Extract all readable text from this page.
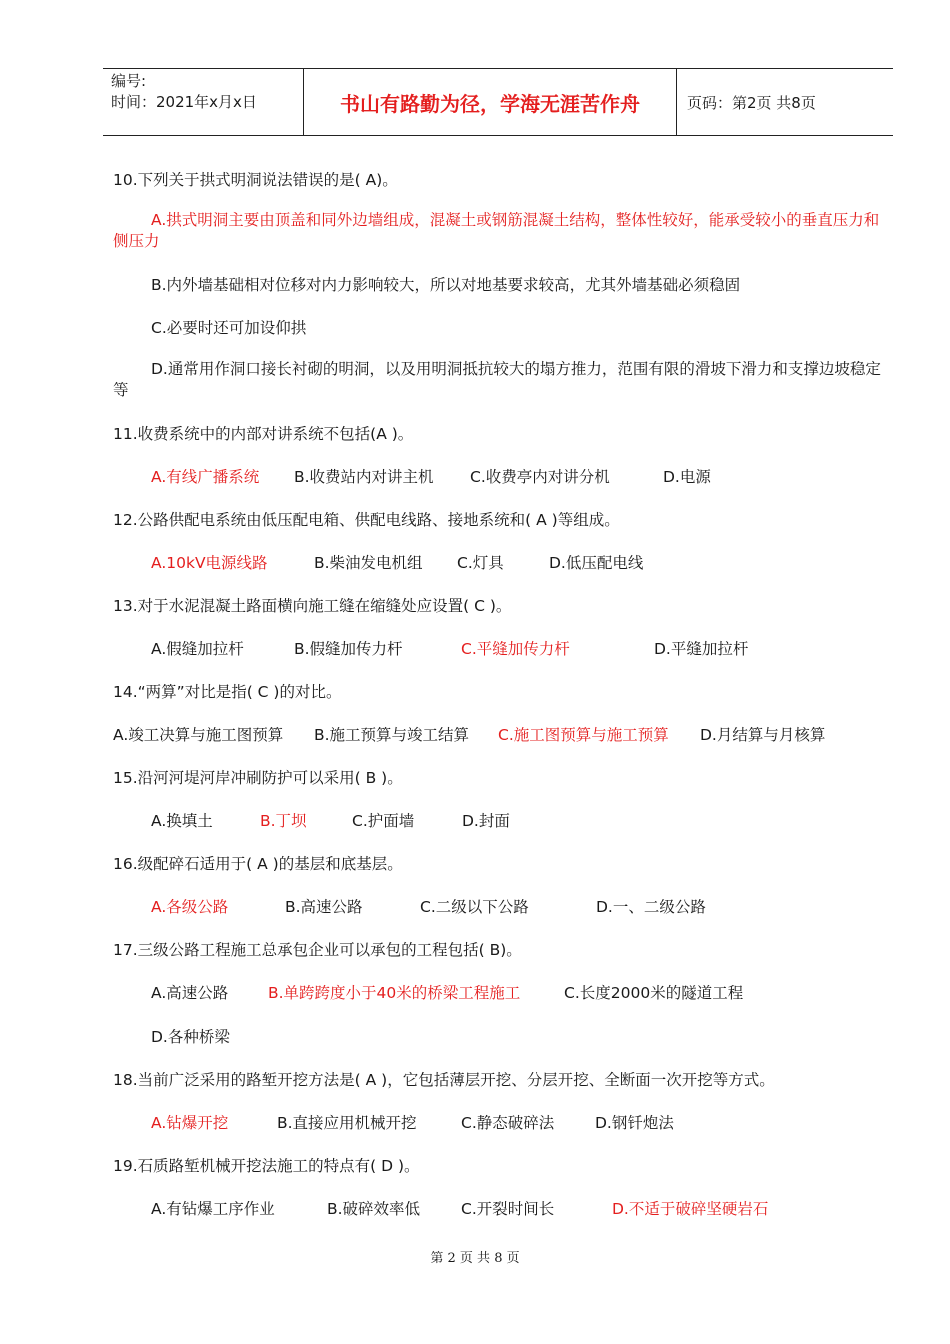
编号:
时间：2021年x月x日	书山有路勤为径，学海无涯苦作舟	页码：第2页 共8页
10.下列关于拱式明洞说法错误的是( A)。
A.拱式明洞主要由顶盖和同外边墙组成，混凝土或钢筋混凝土结构，整体性较好，能承受较小的垂直压力和侧压力
B.内外墙基础相对位移对内力影响较大，所以对地基要求较高，尤其外墙基础必须稳固
C.必要时还可加设仰拱
D.通常用作洞口接长衬砌的明洞，以及用明洞抵抗较大的塌方推力，范围有限的滑坡下滑力和支撑边坡稳定等
11.收费系统中的内部对讲系统不包括(A )。
A.有线广播系统 B.收费站内对讲主机 C.收费亭内对讲分机	D.电源
12.公路供配电系统由低压配电箱、供配电线路、接地系统和( A )等组成。
A.10kV电源线路	B.柴油发电机组 C.灯具	D.低压配电线
13.对于水泥混凝土路面横向施工缝在缩缝处应设置( C )。
A.假缝加拉杆	B.假缝加传力杆	C.平缝加传力杆	D.平缝加拉杆
14.“两算”对比是指( C )的对比。
A.竣工决算与施工图预算 B.施工预算与竣工结算 C.施工图预算与施工预算 D.月结算与月核算
15.沿河河堤河岸冲刷防护可以采用( B )。
A.换填土	B.丁坝	C.护面墙	D.封面
16.级配碎石适用于( A )的基层和底基层。
A.各级公路	B.高速公路	C.二级以下公路	D.一、二级公路
17.三级公路工程施工总承包企业可以承包的工程包括( B)。
A.高速公路	B.单跨跨度小于40米的桥梁工程施工	C.长度2000米的隧道工程
D.各种桥梁
18.当前广泛采用的路堑开挖方法是( A )，它包括薄层开挖、分层开挖、全断面一次开挖等方式。
A.钻爆开挖	B.直接应用机械开挖	C.静态破碎法	D.钢钎炮法
19.石质路堑机械开挖法施工的特点有( D )。
A.有钻爆工序作业	B.破碎效率低	C.开裂时间长	D.不适于破碎坚硬岩石
第 2 页 共 8 页
